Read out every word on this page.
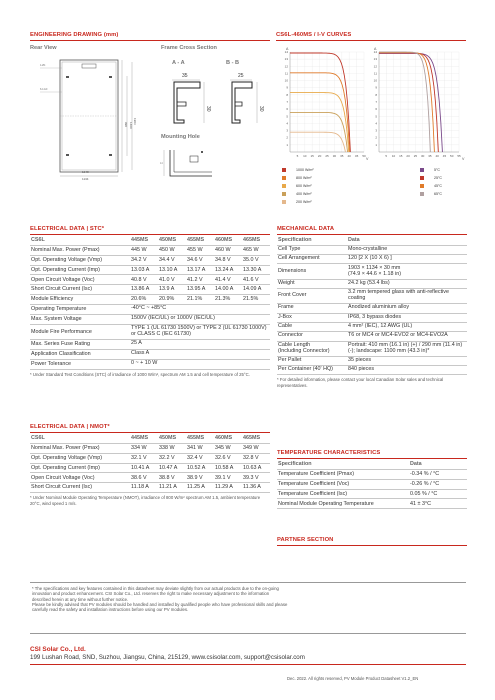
ENGINEERING DRAWING (mm)
Rear View
1134
1048
1903
990 1400
4-Ø4
8-14x9
Frame Cross Section
A - A	B - B
35
30
25
30
Mounting Hole
14
CS6L-460MS / I-V CURVES
A	A
V	V
1
2
3
4
5
6
7
8
9
10
11
12
13
14
5 10 15 20 25 30 35 40 45 50
1
2
3
4
5
6
7
8
9
10
11
12
13
14
5 10 15 20 25 30 35 40 45 50 55
1000 W/m²
800 W/m²
600 W/m²
400 W/m²
200 W/m²
5°C
25°C
45°C
65°C
ELECTRICAL DATA | STC*
CS6L	445MS	450MS	455MS	460MS	465MS
Nominal Max. Power (Pmax)	445 W	450 W	455 W	460 W	465 W
Opt. Operating Voltage (Vmp)	34.2 V	34.4 V	34.6 V	34.8 V	35.0 V
Opt. Operating Current (Imp)	13.03 A	13.10 A	13.17 A	13.24 A	13.30 A
Open Circuit Voltage (Voc)	40.8 V	41.0 V	41.2 V	41.4 V	41.6 V
Short Circuit Current (Isc)	13.86 A	13.9 A	13.95 A	14.00 A	14.09 A
Module Efficiency	20.6%	20.9%	21.1%	21.3%	21.5%
Operating Temperature	-40°C ~ +85°C				
Max. System Voltage	1500V (IEC/UL) or 1000V (IEC/UL)				
Module Fire Performance	TYPE 1 (UL 61730 1500V) or TYPE 2 (UL 61730 1000V) or CLASS C (IEC 61730)				
Max. Series Fuse Rating	25 A				
Application Classification	Class A				
Power Tolerance	0 ~ + 10 W				
* Under Standard Test Conditions (STC) of irradiance of 1000 W/m², spectrum AM 1.5 and cell temperature of 25°C.
ELECTRICAL DATA | NMOT*
CS6L	445MS	450MS	455MS	460MS	465MS
Nominal Max. Power (Pmax)	334 W	338 W	341 W	345 W	349 W
Opt. Operating Voltage (Vmp)	32.1 V	32.2 V	32.4 V	32.6 V	32.8 V
Opt. Operating Current (Imp)	10.41 A	10.47 A	10.52 A	10.58 A	10.63 A
Open Circuit Voltage (Voc)	38.6 V	38.8 V	38.9 V	39.1 V	39.3 V
Short Circuit Current (Isc)	11.18 A	11.21 A	11.25 A	11.29 A	11.36 A
* Under Nominal Module Operating Temperature (NMOT), irradiance of 800 W/m² spectrum AM 1.5, ambient temperature 20°C, wind speed 1 m/s.
MECHANICAL DATA
Specification	Data
Cell Type	Mono-crystalline
Cell Arrangement	120 [2 X (10 X 6) ]
Dimensions	1903 × 1134 × 30 mm
(74.9 × 44.6 × 1.18 in)
Weight	24.2 kg (53.4 lbs)
Front Cover	3.2 mm tempered glass with anti-reflective coating
Frame	Anodized aluminium alloy
J-Box	IP68, 3 bypass diodes
Cable	4 mm² (IEC), 12 AWG (UL)
Connector	T6 or MC4 or MC4-EVO2 or MC4-EVO2A
Cable Length
(Including Connector)	Portrait: 410 mm (16.1 in) (+) / 290 mm (11.4 in) (-); landscape: 1100 mm (43.3 in)*
Per Pallet	35 pieces
Per Container (40' HQ)	840 pieces
* For detailed information, please contact your local Canadian Solar sales and technical representatives.
TEMPERATURE CHARACTERISTICS
Specification	Data
Temperature Coefficient (Pmax)	-0.34 % / °C
Temperature Coefficient (Voc)	-0.26 % / °C
Temperature Coefficient (Isc)	0.05 % / °C
Nominal Module Operating Temperature	41 ± 3°C
PARTNER SECTION
* The specifications and key features contained in this datasheet may deviate slightly from our actual products due to the on-going innovation and product enhancement. CSI Solar Co., Ltd. reserves the right to make necessary adjustment to the information described herein at any time without further notice.
Please be kindly advised that PV modules should be handled and installed by qualified people who have professional skills and please carefully read the safety and installation instructions before using our PV modules.
CSI Solar Co., Ltd.
199 Lushan Road, SND, Suzhou, Jiangsu, China, 215129, www.csisolar.com, support@csisolar.com
Dec. 2022. All rights reserved, PV Module Product Datasheet V1.2_EN
